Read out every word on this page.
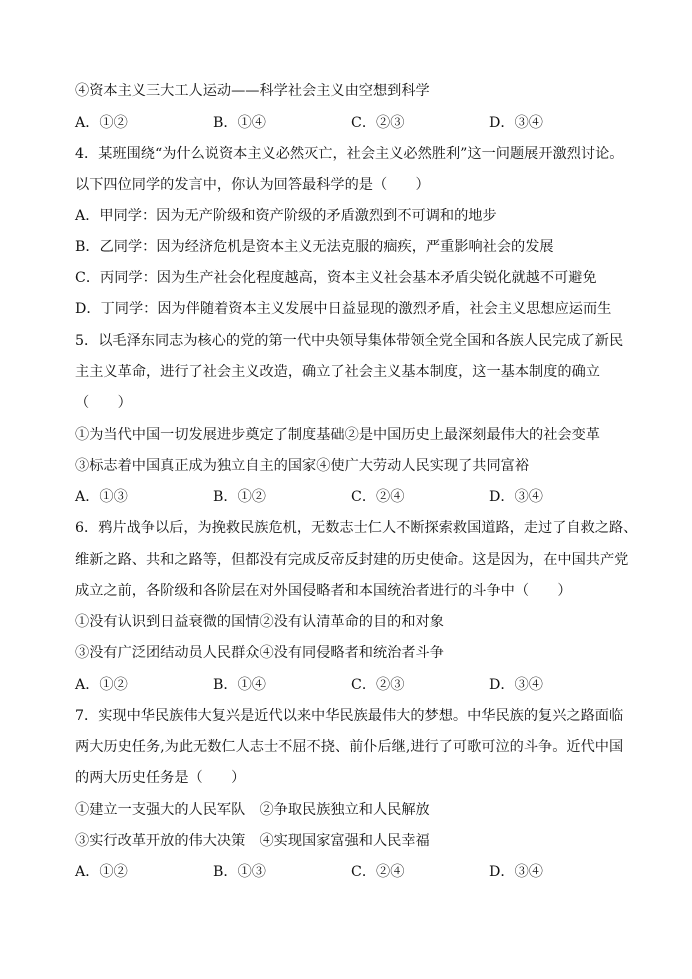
④资本主义三大工人运动——科学社会主义由空想到科学
A．①②	B．①④	C．②③	D．③④
4．某班围绕“为什么说资本主义必然灭亡，社会主义必然胜利”这一问题展开激烈讨论。
以下四位同学的发言中，你认为回答最科学的是（　　）
A．甲同学：因为无产阶级和资产阶级的矛盾激烈到不可调和的地步
B．乙同学：因为经济危机是资本主义无法克服的痼疾，严重影响社会的发展
C．丙同学：因为生产社会化程度越高，资本主义社会基本矛盾尖锐化就越不可避免
D．丁同学：因为伴随着资本主义发展中日益显现的激烈矛盾，社会主义思想应运而生
5．以毛泽东同志为核心的党的第一代中央领导集体带领全党全国和各族人民完成了新民
主主义革命，进行了社会主义改造，确立了社会主义基本制度，这一基本制度的确立
（　　）
①为当代中国一切发展进步奠定了制度基础②是中国历史上最深刻最伟大的社会变革
③标志着中国真正成为独立自主的国家④使广大劳动人民实现了共同富裕
A．①③	B．①②	C．②④	D．③④
6．鸦片战争以后，为挽救民族危机，无数志士仁人不断探索救国道路，走过了自救之路、
维新之路、共和之路等，但都没有完成反帝反封建的历史使命。这是因为，在中国共产党
成立之前，各阶级和各阶层在对外国侵略者和本国统治者进行的斗争中（　　）
①没有认识到日益衰微的国情②没有认清革命的目的和对象
③没有广泛团结动员人民群众④没有同侵略者和统治者斗争
A．①②	B．①④	C．②③	D．③④
7．实现中华民族伟大复兴是近代以来中华民族最伟大的梦想。中华民族的复兴之路面临
两大历史任务,为此无数仁人志士不屈不挠、前仆后继,进行了可歌可泣的斗争。近代中国
的两大历史任务是（　　）
①建立一支强大的人民军队　②争取民族独立和人民解放
③实行改革开放的伟大决策　④实现国家富强和人民幸福
A．①②	B．①③	C．②④	D．③④
